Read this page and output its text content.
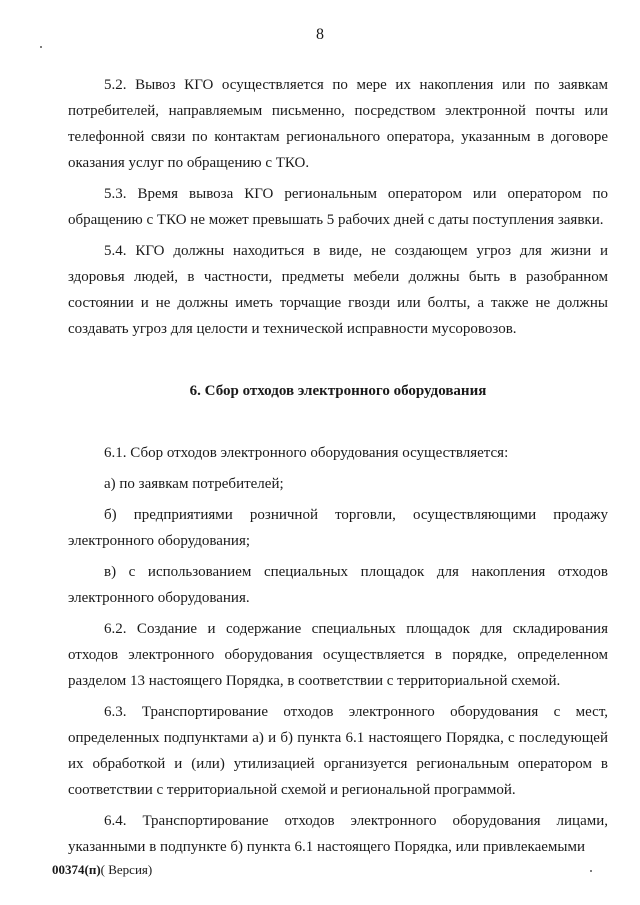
8

5.2. Вывоз КГО осуществляется по мере их накопления или по заявкам потребителей, направляемым письменно, посредством электронной почты или телефонной связи по контактам регионального оператора, указанным в договоре оказания услуг по обращению с ТКО.

5.3. Время вывоза КГО региональным оператором или оператором по обращению с ТКО не может превышать 5 рабочих дней с даты поступления заявки.

5.4. КГО должны находиться в виде, не создающем угроз для жизни и здоровья людей, в частности, предметы мебели должны быть в разобранном состоянии и не должны иметь торчащие гвозди или болты, а также не должны создавать угроз для целости и технической исправности мусоровозов.

6. Сбор отходов электронного оборудования

6.1. Сбор отходов электронного оборудования осуществляется:

а) по заявкам потребителей;

б) предприятиями розничной торговли, осуществляющими продажу электронного оборудования;

в) с использованием специальных площадок для накопления отходов электронного оборудования.

6.2. Создание и содержание специальных площадок для складирования отходов электронного оборудования осуществляется в порядке, определенном разделом 13 настоящего Порядка, в соответствии с территориальной схемой.

6.3. Транспортирование отходов электронного оборудования с мест, определенных подпунктами а) и б) пункта 6.1 настоящего Порядка, с последующей их обработкой и (или) утилизацией организуется региональным оператором в соответствии с территориальной схемой и региональной программой.

6.4. Транспортирование отходов электронного оборудования лицами, указанными в подпункте б) пункта 6.1 настоящего Порядка, или привлекаемыми

00374(п)( Версия)
